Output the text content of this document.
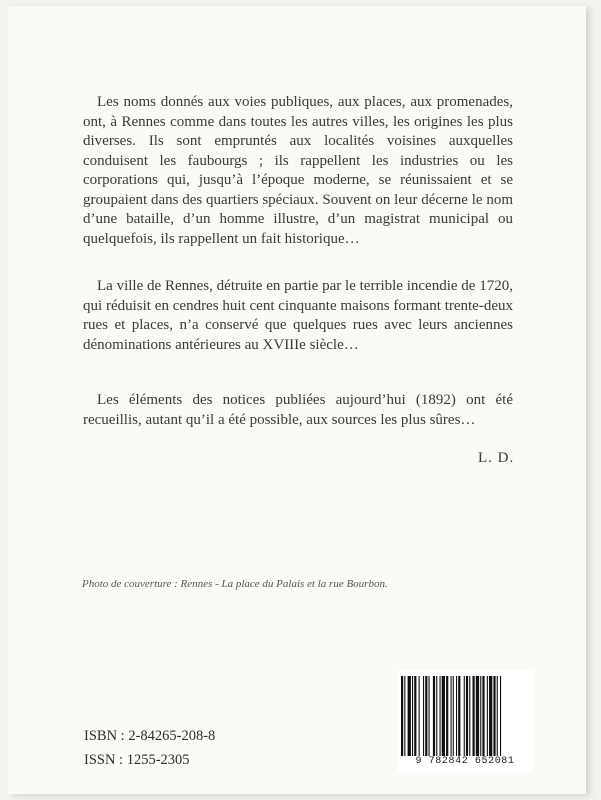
Les noms donnés aux voies publiques, aux places, aux promenades, ont, à Rennes comme dans toutes les autres villes, les origines les plus diverses. Ils sont empruntés aux localités voisines auxquelles conduisent les faubourgs ; ils rappellent les industries ou les corporations qui, jusqu’à l’époque moderne, se réunissaient et se groupaient dans des quartiers spéciaux. Souvent on leur décerne le nom d’une bataille, d’un homme illustre, d’un magistrat municipal ou quelquefois, ils rappellent un fait historique…

La ville de Rennes, détruite en partie par le terrible incendie de 1720, qui réduisit en cendres huit cent cinquante maisons formant trente-deux rues et places, n’a conservé que quelques rues avec leurs anciennes dénominations antérieures au XVIIIe siècle…

Les éléments des notices publiées aujourd’hui (1892) ont été recueillis, autant qu’il a été possible, aux sources les plus sûres…

L. D.
Photo de couverture : Rennes - La place du Palais et la rue Bourbon.
ISBN : 2-84265-208-8
ISSN : 1255-2305	9 782842 652081
